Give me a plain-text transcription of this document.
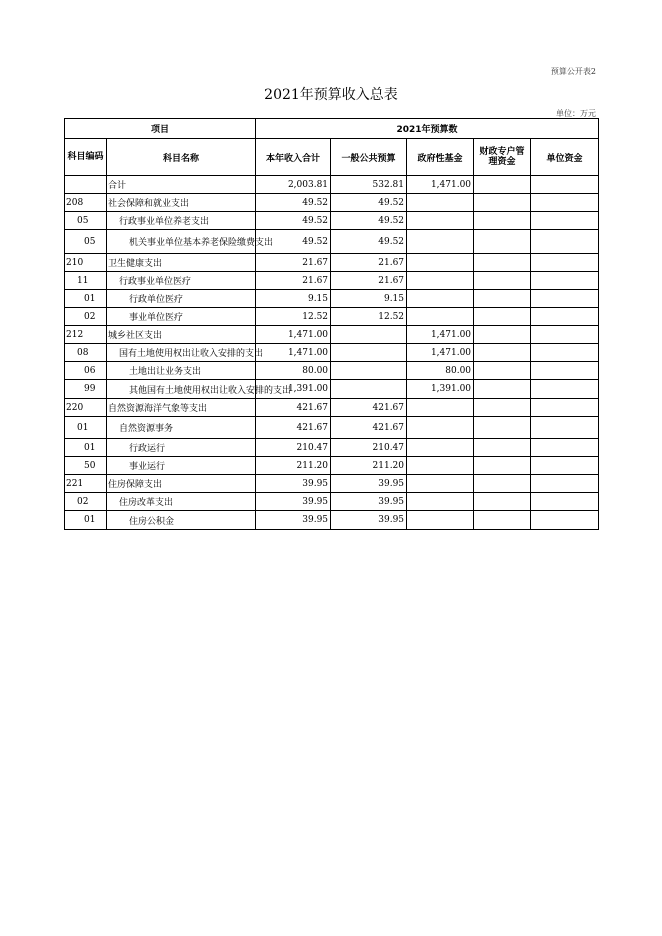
预算公开表2
2021年预算收入总表
单位：万元
项目		2021年预算数				
科目编码	科目名称	本年收入合计	一般公共预算	政府性基金	财政专户管理资金	单位资金
	合计	2,003.81	532.81	1,471.00		
208	社会保障和就业支出	49.52	49.52			
05	行政事业单位养老支出	49.52	49.52			
05	机关事业单位基本养老保险缴费支出	49.52	49.52			
210	卫生健康支出	21.67	21.67			
11	行政事业单位医疗	21.67	21.67			
01	行政单位医疗	9.15	9.15			
02	事业单位医疗	12.52	12.52			
212	城乡社区支出	1,471.00		1,471.00		
08	国有土地使用权出让收入安排的支出	1,471.00		1,471.00		
06	土地出让业务支出	80.00		80.00		
99	其他国有土地使用权出让收入安排的支出	1,391.00		1,391.00		
220	自然资源海洋气象等支出	421.67	421.67			
01	自然资源事务	421.67	421.67			
01	行政运行	210.47	210.47			
50	事业运行	211.20	211.20			
221	住房保障支出	39.95	39.95			
02	住房改革支出	39.95	39.95			
01	住房公积金	39.95	39.95			
